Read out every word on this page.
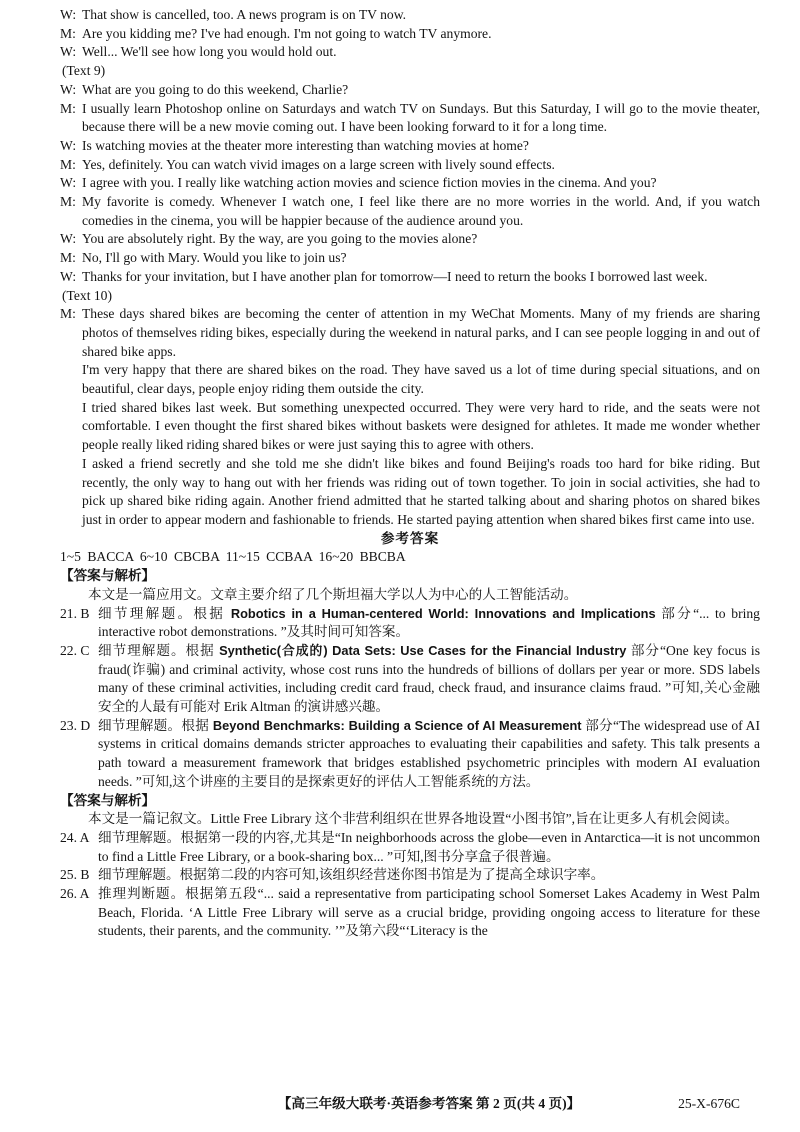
W: That show is cancelled, too. A news program is on TV now.
M: Are you kidding me? I've had enough. I'm not going to watch TV anymore.
W: Well... We'll see how long you would hold out.
(Text 9)
W: What are you going to do this weekend, Charlie?
M: I usually learn Photoshop online on Saturdays and watch TV on Sundays. But this Saturday, I will go to the movie theater, because there will be a new movie coming out. I have been looking forward to it for a long time.
W: Is watching movies at the theater more interesting than watching movies at home?
M: Yes, definitely. You can watch vivid images on a large screen with lively sound effects.
W: I agree with you. I really like watching action movies and science fiction movies in the cinema. And you?
M: My favorite is comedy. Whenever I watch one, I feel like there are no more worries in the world. And, if you watch comedies in the cinema, you will be happier because of the audience around you.
W: You are absolutely right. By the way, are you going to the movies alone?
M: No, I'll go with Mary. Would you like to join us?
W: Thanks for your invitation, but I have another plan for tomorrow—I need to return the books I borrowed last week.
(Text 10)
M: These days shared bikes are becoming the center of attention in my WeChat Moments. Many of my friends are sharing photos of themselves riding bikes, especially during the weekend in natural parks, and I can see people logging in and out of shared bike apps.
I'm very happy that there are shared bikes on the road. They have saved us a lot of time during special situations, and on beautiful, clear days, people enjoy riding them outside the city.
I tried shared bikes last week. But something unexpected occurred. They were very hard to ride, and the seats were not comfortable. I even thought the first shared bikes without baskets were designed for athletes. It made me wonder whether people really liked riding shared bikes or were just saying this to agree with others.
I asked a friend secretly and she told me she didn't like bikes and found Beijing's roads too hard for bike riding. But recently, the only way to hang out with her friends was riding out of town together. To join in social activities, she had to pick up shared bike riding again. Another friend admitted that he started talking about and sharing photos on shared bikes just in order to appear modern and fashionable to friends. He started paying attention when shared bikes first came into use.
参考答案
1~5 BACCA 6~10 CBCBA 11~15 CCBAA 16~20 BBCBA
【答案与解析】
本文是一篇应用文。文章主要介绍了几个斯坦福大学以人为中心的人工智能活动。
21. B 细节理解题。根据 Robotics in a Human-centered World: Innovations and Implications 部分“... to bring interactive robot demonstrations. ”及其时间可知答案。
22. C 细节理解题。根据 Synthetic(合成的) Data Sets: Use Cases for the Financial Industry 部分“One key focus is fraud(诈骗) and criminal activity, whose cost runs into the hundreds of billions of dollars per year or more. SDS labels many of these criminal activities, including credit card fraud, check fraud, and insurance claims fraud. ”可知,关心金融安全的人最有可能对 Erik Altman 的演讲感兴趣。
23. D 细节理解题。根据 Beyond Benchmarks: Building a Science of AI Measurement 部分“The widespread use of AI systems in critical domains demands stricter approaches to evaluating their capabilities and safety. This talk presents a path toward a measurement framework that bridges established psychometric principles with modern AI evaluation needs. ”可知,这个讲座的主要目的是探索更好的评估人工智能系统的方法。
【答案与解析】
本文是一篇记叙文。Little Free Library 这个非营利组织在世界各地设置“小图书馆”,旨在让更多人有机会阅读。
24. A 细节理解题。根据第一段的内容,尤其是“In neighborhoods across the globe—even in Antarctica—it is not uncommon to find a Little Free Library, or a book-sharing box... ”可知,图书分享盒子很普遍。
25. B 细节理解题。根据第二段的内容可知,该组织经营迷你图书馆是为了提高全球识字率。
26. A 推理判断题。根据第五段“... said a representative from participating school Somerset Lakes Academy in West Palm Beach, Florida. ‘A Little Free Library will serve as a crucial bridge, providing ongoing access to literature for these students, their parents, and the community. ’”及第六段“‘Literacy is the
【高三年级大联考·英语参考答案 第 2 页(共 4 页)】	25-X-676C
